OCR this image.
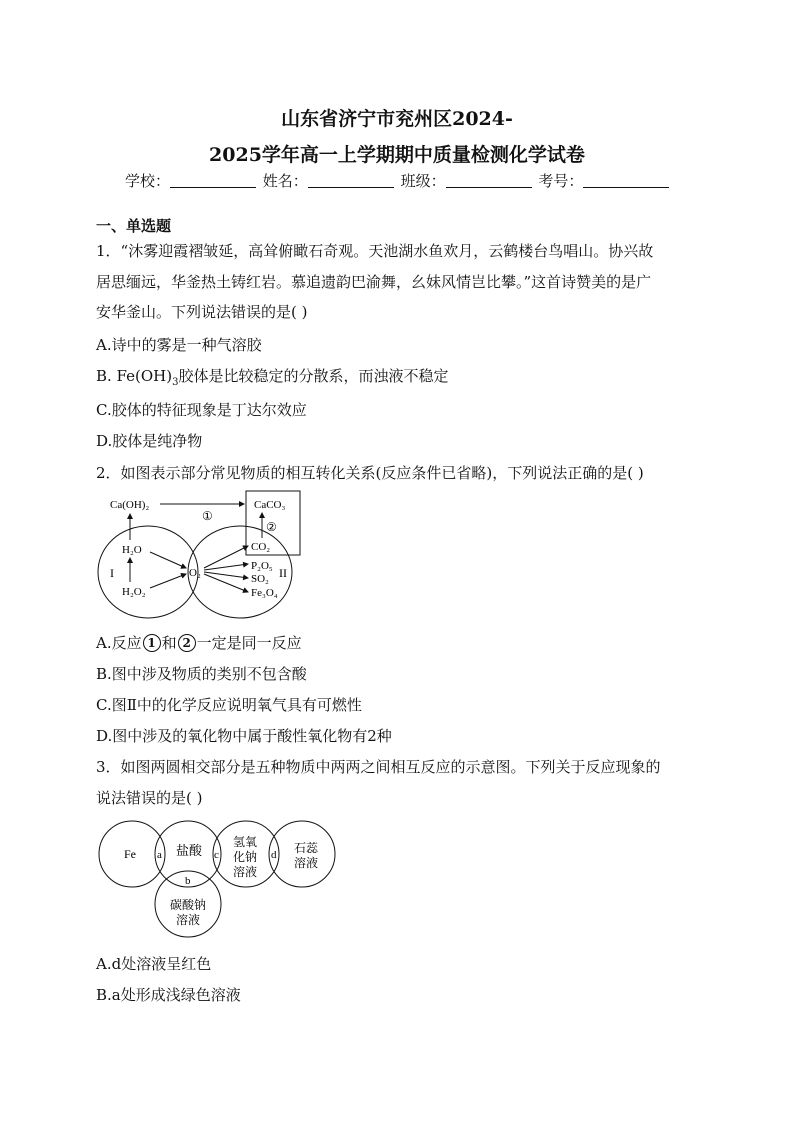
山东省济宁市兖州区2024-
2025学年高一上学期期中质量检测化学试卷
学校：	姓名：	班级：	考号：
一、单选题
1．“沐雾迎霞褶皱延，高耸俯瞰石奇观。天池湖水鱼欢月，云鹤楼台鸟唱山。协兴故
居思缅远，华釜热土铸红岩。慕追遗韵巴渝舞，幺妹风情岂比攀。”这首诗赞美的是广
安华釜山。下列说法错误的是( )
A.诗中的雾是一种气溶胶
B. $Fe(OH)_3$胶体是比较稳定的分散系，而浊液不稳定
C.胶体的特征现象是丁达尔效应
D.胶体是纯净物
2．如图表示部分常见物质的相互转化关系(反应条件已省略)，下列说法正确的是( )
Ca(OH)₂	CaCO₃
①
②
H₂O
H₂O₂
I	O₂
CO₂
P₂O₅
SO₂
Fe₃O₄
II
A.反应 1 和 2 一定是同一反应
B.图中涉及物质的类别不包含酸
C.图Ⅱ中的化学反应说明氧气具有可燃性
D.图中涉及的氧化物中属于酸性氧化物有2种
3．如图两圆相交部分是五种物质中两两之间相互反应的示意图。下列关于反应现象的
说法错误的是( )
Fe	盐酸
氢氧
化钠
溶液
石蕊
溶液
碳酸钠
溶液
a
b
c	d
A.d处溶液呈红色
B.a处形成浅绿色溶液
